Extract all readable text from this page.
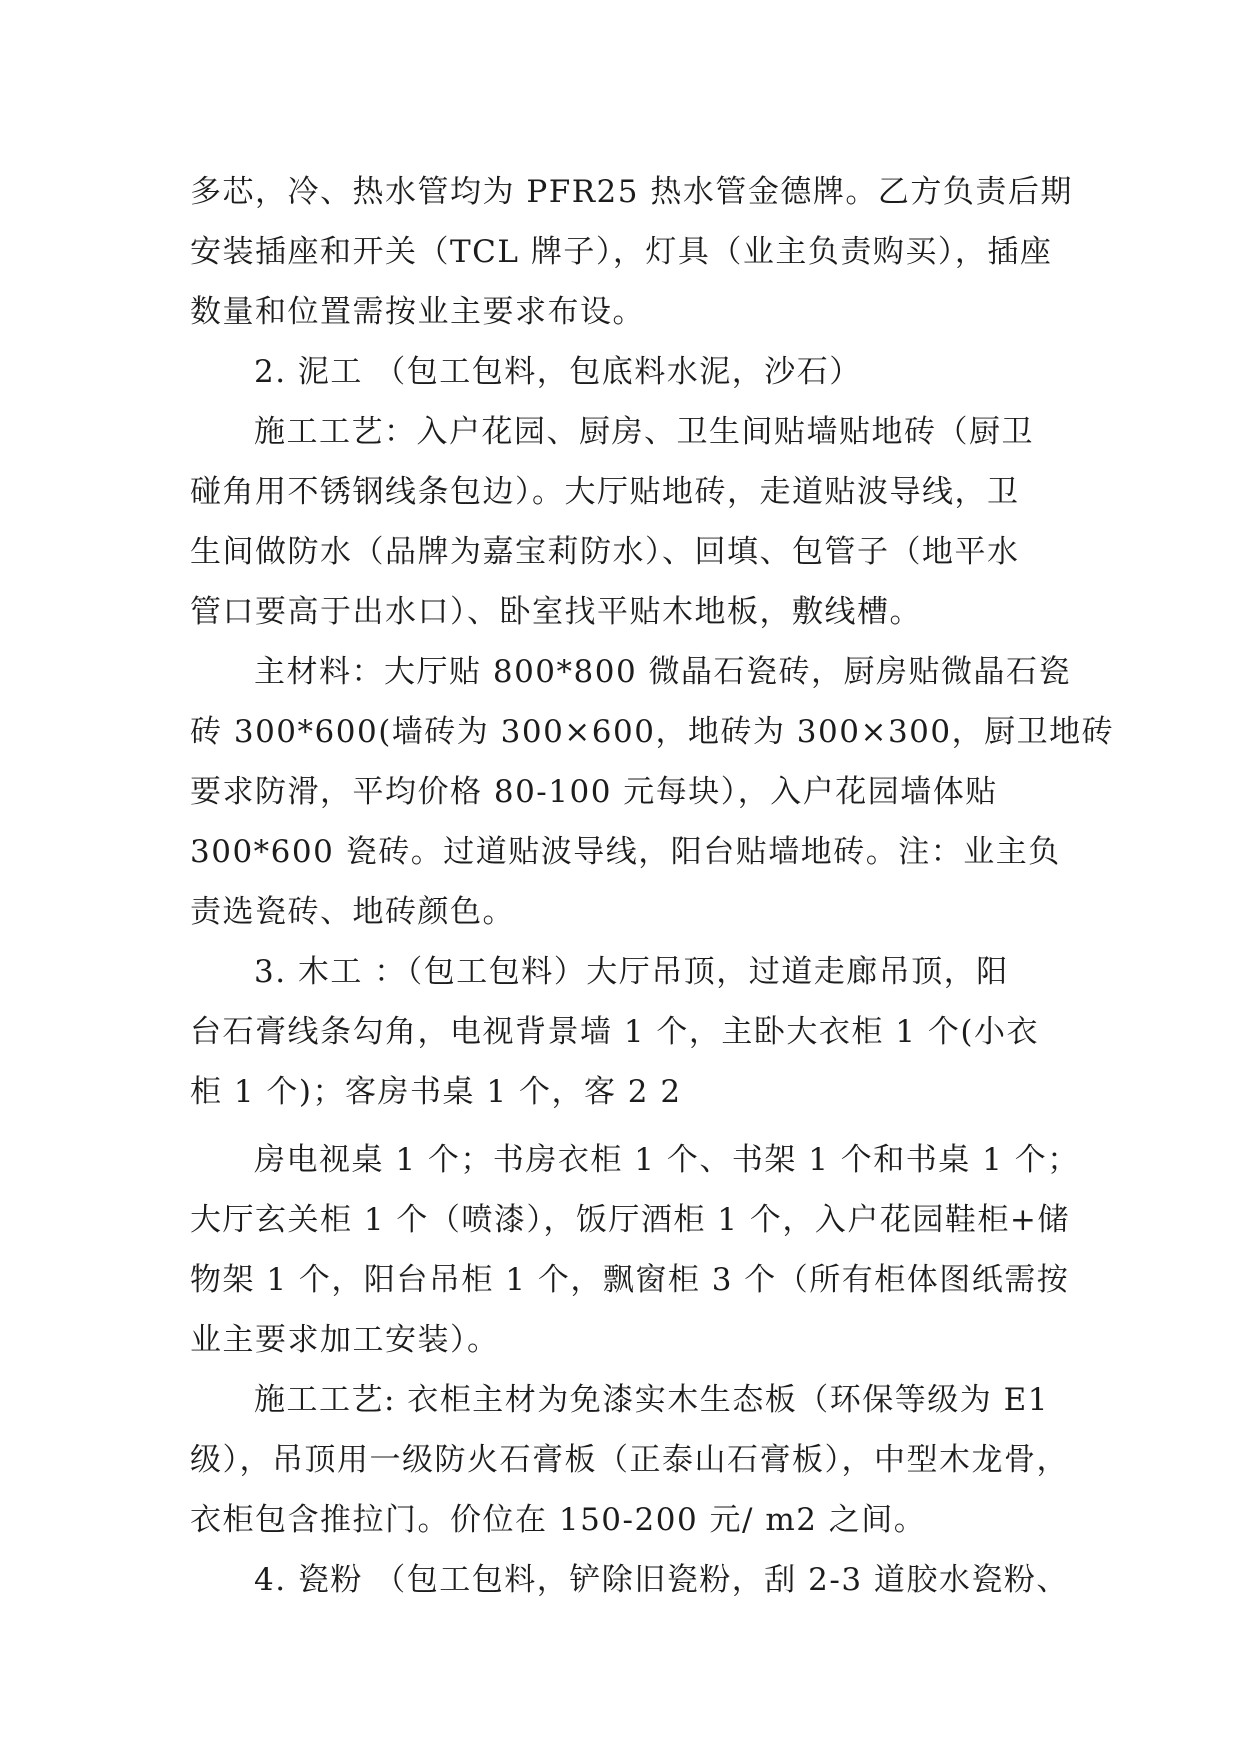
多芯，冷、热水管均为 PFR25 热水管金德牌。乙方负责后期
安装插座和开关（TCL 牌子），灯具（业主负责购买），插座
数量和位置需按业主要求布设。
2. 泥工 （包工包料，包底料水泥，沙石）
施工工艺：入户花园、厨房、卫生间贴墙贴地砖（厨卫
碰角用不锈钢线条包边）。大厅贴地砖，走道贴波导线，卫
生间做防水（品牌为嘉宝莉防水）、回填、包管子（地平水
管口要高于出水口）、卧室找平贴木地板，敷线槽。
主材料：大厅贴 800*800 微晶石瓷砖，厨房贴微晶石瓷
砖 300*600(墙砖为 300×600，地砖为 300×300，厨卫地砖
要求防滑，平均价格 80-100 元每块），入户花园墙体贴
300*600 瓷砖。过道贴波导线，阳台贴墙地砖。注：业主负
责选瓷砖、地砖颜色。
3. 木工 ：（包工包料）大厅吊顶，过道走廊吊顶，阳
台石膏线条勾角，电视背景墙 1 个，主卧大衣柜 1 个(小衣
柜 1 个)；客房书桌 1 个，客 2 2
房电视桌 1 个；书房衣柜 1 个、书架 1 个和书桌 1 个；
大厅玄关柜 1 个（喷漆），饭厅酒柜 1 个，入户花园鞋柜+储
物架 1 个，阳台吊柜 1 个，飘窗柜 3 个（所有柜体图纸需按
业主要求加工安装）。
施工工艺: 衣柜主材为免漆实木生态板（环保等级为 E1
级），吊顶用一级防火石膏板（正泰山石膏板），中型木龙骨，
衣柜包含推拉门。价位在 150-200 元/ m2 之间。
4. 瓷粉 （包工包料，铲除旧瓷粉，刮 2-3 道胶水瓷粉、
